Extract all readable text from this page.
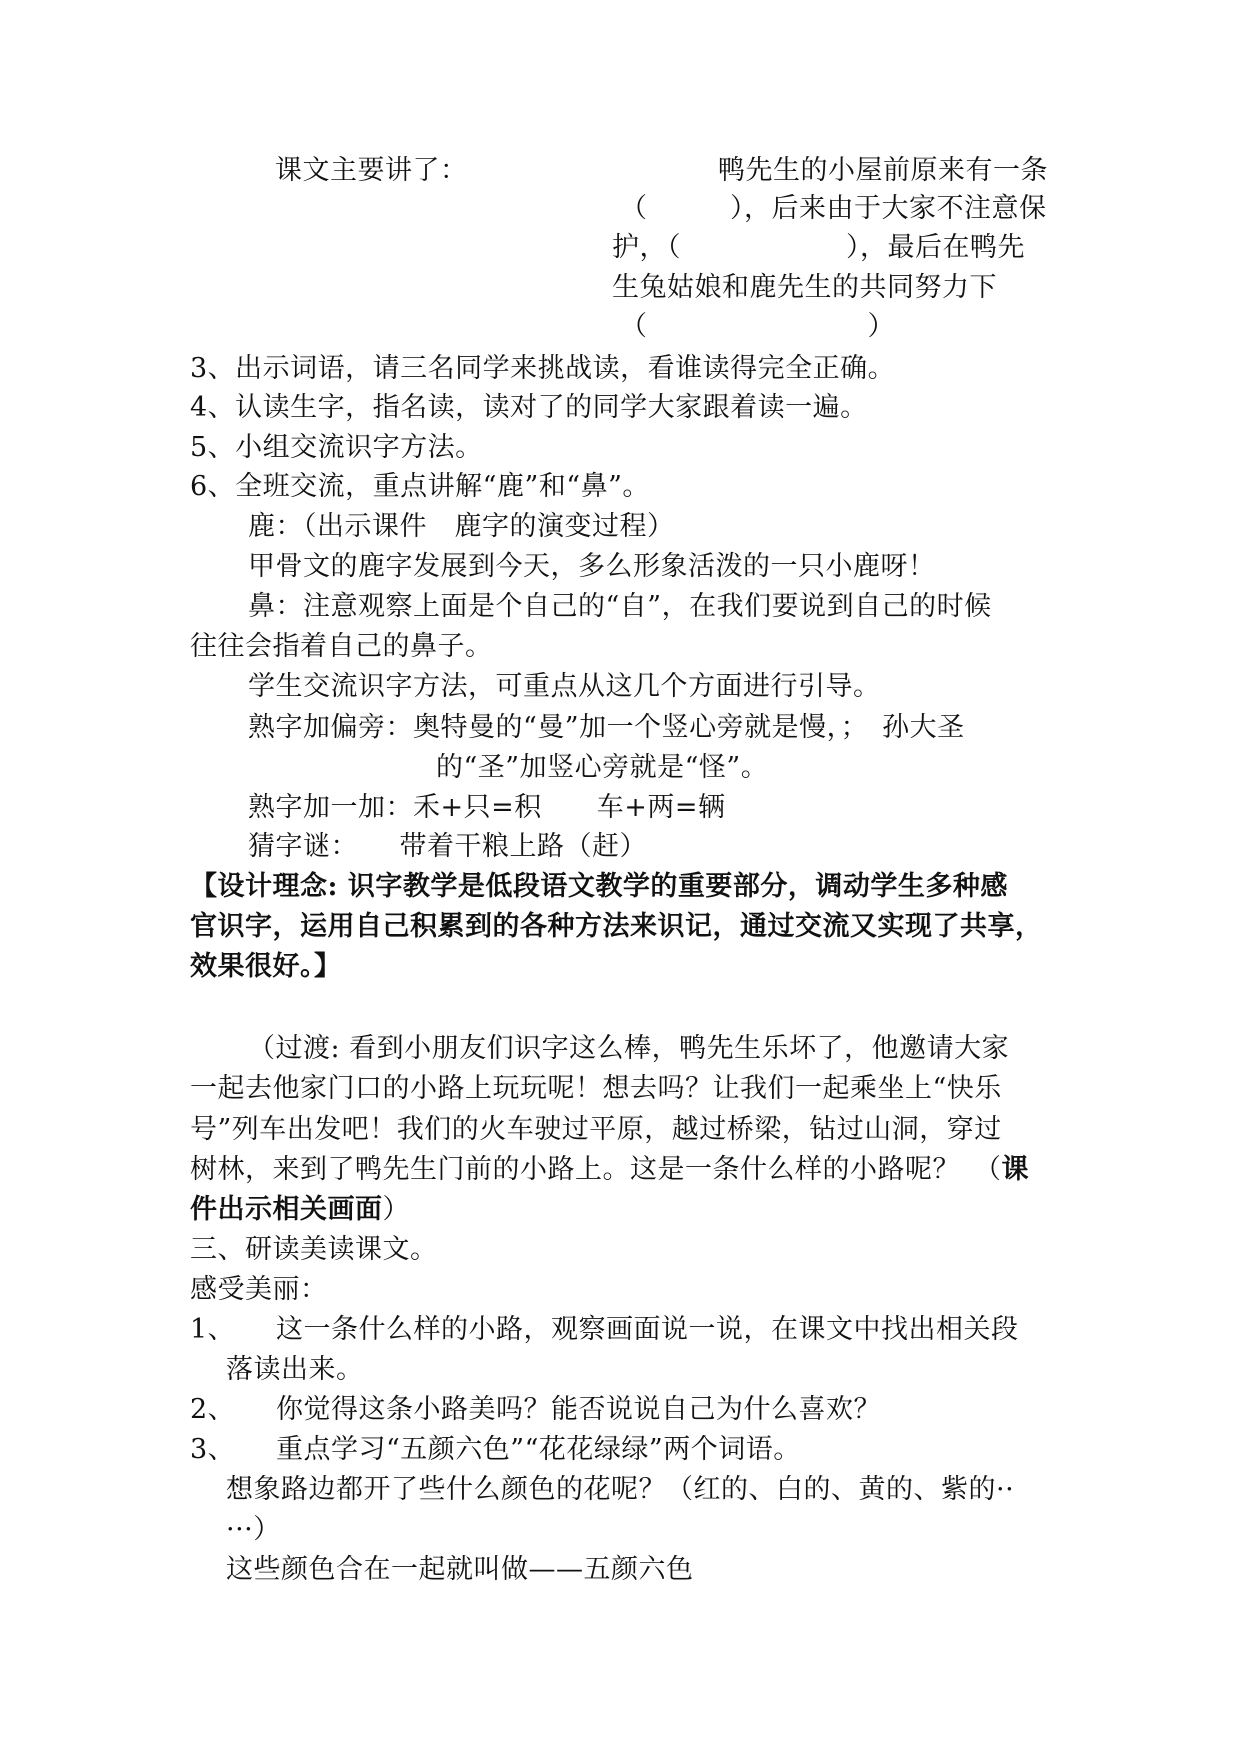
课文主要讲了：	鸭先生的小屋前原来有一条
（　　　），后来由于大家不注意保
护，（　　　　　　），最后在鸭先
生兔姑娘和鹿先生的共同努力下
（　　　　　　　　）
3、出示词语，请三名同学来挑战读，看谁读得完全正确。
4、认读生字，指名读，读对了的同学大家跟着读一遍。
5、小组交流识字方法。
6、全班交流，重点讲解“鹿”和“鼻”。
鹿：（出示课件　鹿字的演变过程）
甲骨文的鹿字发展到今天，多么形象活泼的一只小鹿呀！
鼻：注意观察上面是个自己的“自”，在我们要说到自己的时候
往往会指着自己的鼻子。
学生交流识字方法，可重点从这几个方面进行引导。
熟字加偏旁：奥特曼的“曼”加一个竖心旁就是慢，；　孙大圣
的“圣”加竖心旁就是“怪”。
熟字加一加：禾+只=积　　车+两=辆
猜字谜：　　带着干粮上路（赶）
【设计理念: 识字教学是低段语文教学的重要部分，调动学生多种感
官识字，运用自己积累到的各种方法来识记，通过交流又实现了共享，
效果很好。】
（过渡: 看到小朋友们识字这么棒，鸭先生乐坏了，他邀请大家
一起去他家门口的小路上玩玩呢！想去吗？让我们一起乘坐上“快乐
号”列车出发吧！我们的火车驶过平原，越过桥梁，钻过山洞，穿过
树林，来到了鸭先生门前的小路上。这是一条什么样的小路呢？　（课
件出示相关画面）
三、研读美读课文。
感受美丽：
1、 这一条什么样的小路，观察画面说一说，在课文中找出相关段
落读出来。
2、 你觉得这条小路美吗？能否说说自己为什么喜欢？
3、 重点学习“五颜六色”“花花绿绿”两个词语。
想象路边都开了些什么颜色的花呢？（红的、白的、黄的、紫的··
···）
这些颜色合在一起就叫做——五颜六色
